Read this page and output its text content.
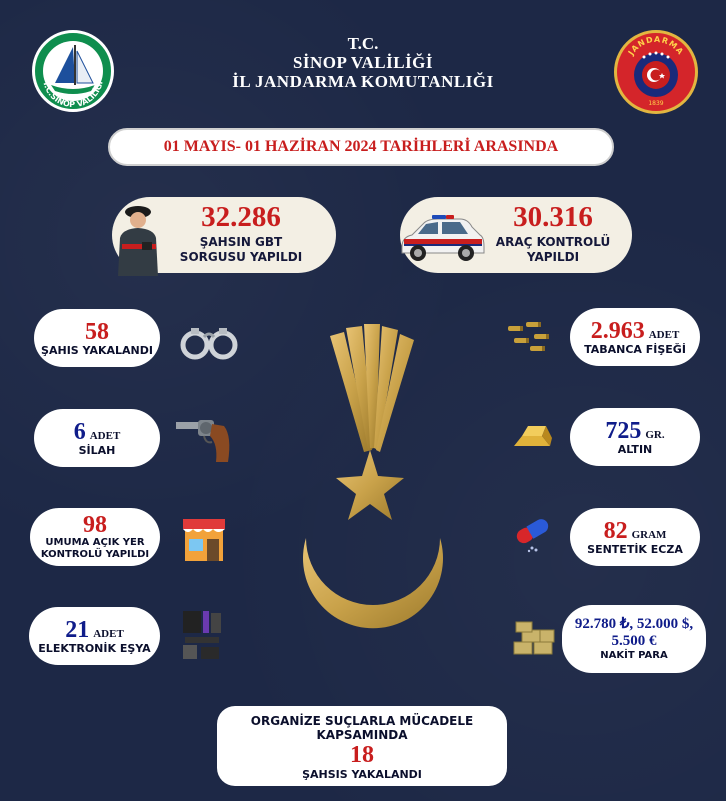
T.C.
SİNOP VALİLİĞİ
İL JANDARMA KOMUTANLIĞI
T.C.SİNOP VALİLİĞİ
JANDARMA
1839
01 MAYIS- 01 HAZİRAN 2024 TARİHLERİ ARASINDA
32.286
ŞAHSIN GBT
SORGUSU YAPILDI
30.316
ARAÇ KONTROLÜ
YAPILDI
58
ŞAHIS YAKALANDI
6 ADET
SİLAH
98
UMUMA AÇIK YER
KONTROLÜ YAPILDI
21 ADET
ELEKTRONİK EŞYA
2.963 ADET
TABANCA FİŞEĞİ
725 GR.
ALTIN
82 GRAM
SENTETİK ECZA
92.780 ₺, 52.000 $,
5.500 €
NAKİT PARA
ORGANİZE SUÇLARLA MÜCADELE KAPSAMINDA
18
ŞAHSIS YAKALANDI
